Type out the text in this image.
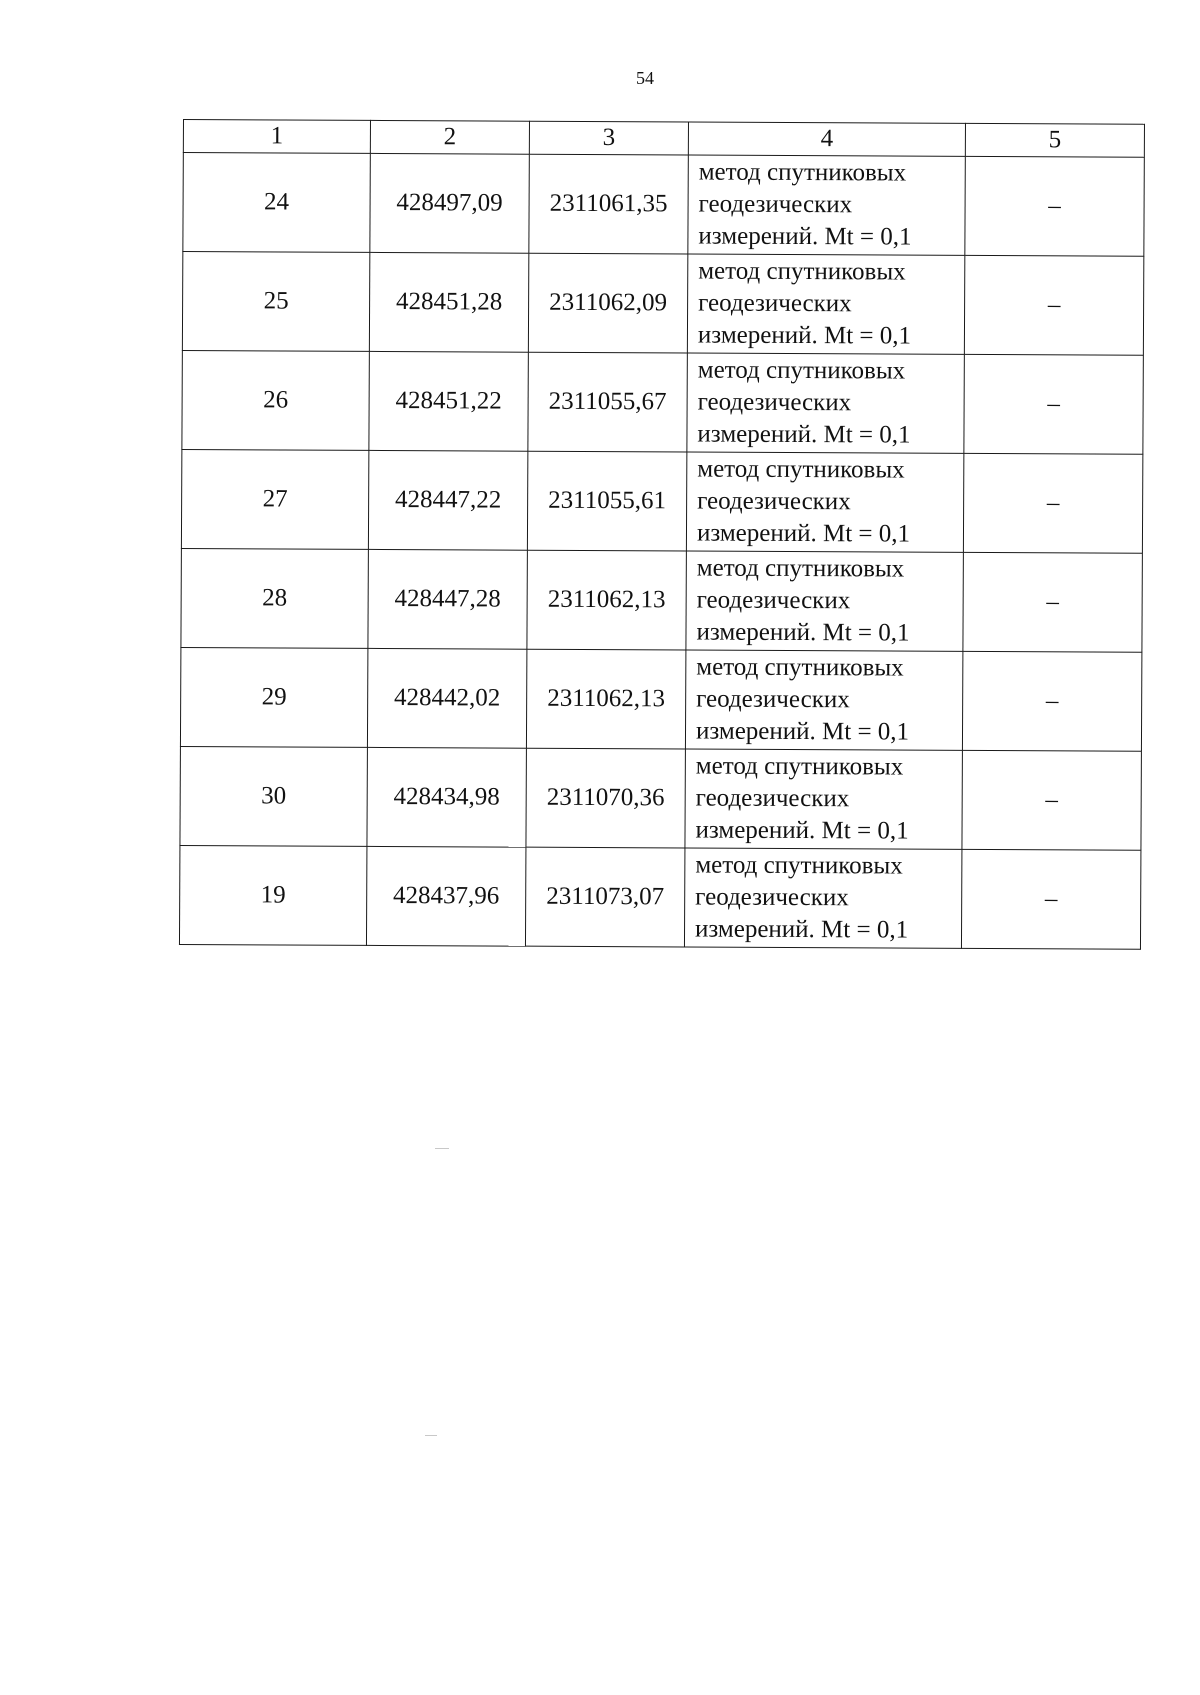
54
1	2	3	4	5
24	428497,09	2311061,35	метод спутниковых
геодезических
измерений. Mt = 0,1	–
25	428451,28	2311062,09	метод спутниковых
геодезических
измерений. Mt = 0,1	–
26	428451,22	2311055,67	метод спутниковых
геодезических
измерений. Mt = 0,1	–
27	428447,22	2311055,61	метод спутниковых
геодезических
измерений. Mt = 0,1	–
28	428447,28	2311062,13	метод спутниковых
геодезических
измерений. Mt = 0,1	–
29	428442,02	2311062,13	метод спутниковых
геодезических
измерений. Mt = 0,1	–
30	428434,98	2311070,36	метод спутниковых
геодезических
измерений. Mt = 0,1	–
19	428437,96	2311073,07	метод спутниковых
геодезических
измерений. Mt = 0,1	–
